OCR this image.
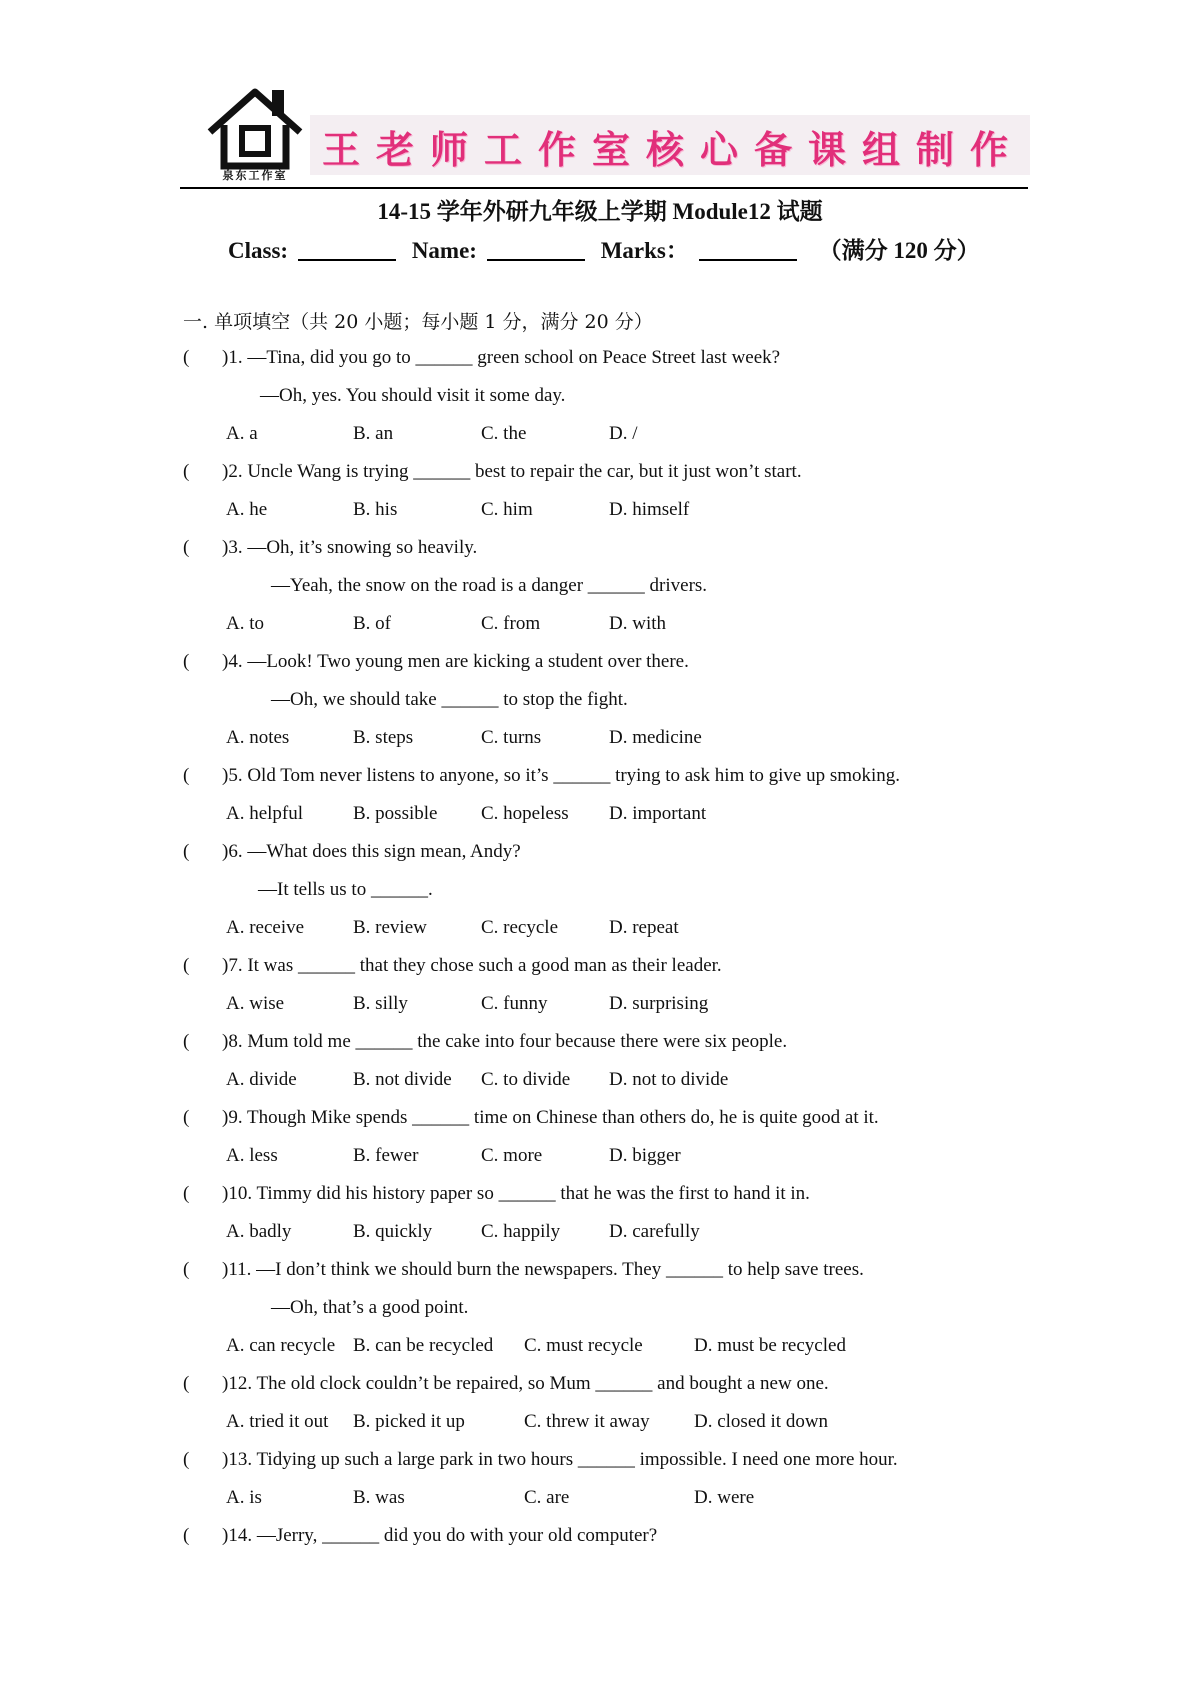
泉东工作室
王老师工作室核心备课组制作
14-15 学年外研九年级上学期 Module12 试题
Class:	Name:	Marks：	（满分 120 分）
一. 单项填空（共 20 小题；每小题 1 分，满分 20 分）
( )1. —Tina, did you go to ______ green school on Peace Street last week?
—Oh, yes. You should visit it some day.
A. a	B. an	C. the	D. /
( )2. Uncle Wang is trying ______ best to repair the car, but it just won’t start.
A. he	B. his	C. him	D. himself
( )3. —Oh, it’s snowing so heavily.
—Yeah, the snow on the road is a danger ______ drivers.
A. to	B. of	C. from	D. with
( )4. —Look! Two young men are kicking a student over there.
—Oh, we should take ______ to stop the fight.
A. notes	B. steps	C. turns	D. medicine
( )5. Old Tom never listens to anyone, so it’s ______ trying to ask him to give up smoking.
A. helpful	B. possible C. hopeless D. important
( )6. —What does this sign mean, Andy?
—It tells us to ______.
A. receive	B. review	C. recycle	D. repeat
( )7. It was ______ that they chose such a good man as their leader.
A. wise	B. silly	C. funny	D. surprising
( )8. Mum told me ______ the cake into four because there were six people.
A. divide	B. not divide C. to divide D. not to divide
( )9. Though Mike spends ______ time on Chinese than others do, he is quite good at it.
A. less	B. fewer	C. more	D. bigger
( )10. Timmy did his history paper so ______ that he was the first to hand it in.
A. badly	B. quickly	C. happily	D. carefully
( )11. —I don’t think we should burn the newspapers. They ______ to help save trees.
—Oh, that’s a good point.
A. can recycle B. can be recycled C. must recycle	D. must be recycled
( )12. The old clock couldn’t be repaired, so Mum ______ and bought a new one.
A. tried it out B. picked it up	C. threw it away D. closed it down
( )13. Tidying up such a large park in two hours ______ impossible. I need one more hour.
A. is	B. was	C. are	D. were
( )14. —Jerry, ______ did you do with your old computer?
